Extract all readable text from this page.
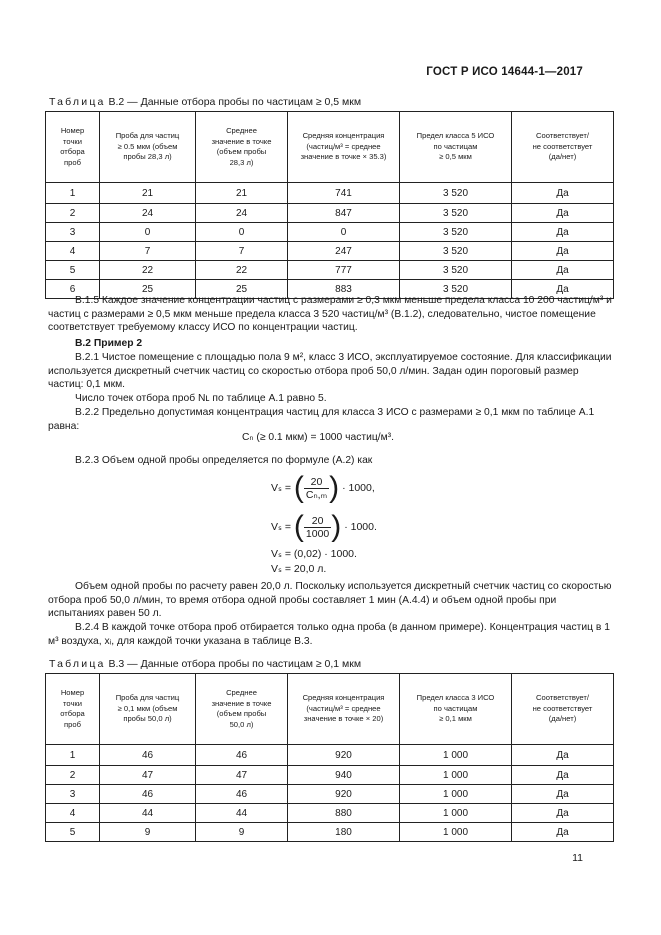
ГОСТ Р ИСО 14644-1—2017
Таблица В.2 — Данные отбора пробы по частицам ≥ 0,5 мкм
Номер
точки
отбора
проб	Проба для частиц
≥ 0.5 мкм (объем
пробы 28,3 л)	Среднее
значение в точке
(объем пробы
28,3 л)	Средняя концентрация
(частиц/м³ = среднее
значение в точке × 35.3)	Предел класса 5 ИСО
по частицам
≥ 0,5 мкм	Соответствует/
не соответствует
(да/нет)
1	21	21	741	3 520	Да
2	24	24	847	3 520	Да
3	0	0	0	3 520	Да
4	7	7	247	3 520	Да
5	22	22	777	3 520	Да
6	25	25	883	3 520	Да
В.1.5 Каждое значение концентрации частиц с размерами ≥ 0,3 мкм меньше предела класса 10 200 частиц/м³ и частиц с размерами ≥ 0,5 мкм меньше предела класса 3 520 частиц/м³ (В.1.2), следовательно, чистое помещение соответствует требуемому классу ИСО по концентрации частиц.
В.2 Пример 2
В.2.1 Чистое помещение с площадью пола 9 м², класс 3 ИСО, эксплуатируемое состояние. Для классификации используется дискретный счетчик частиц со скоростью отбора проб 50,0 л/мин. Задан один пороговый размер частиц: 0,1 мкм.
Число точек отбора проб Nʟ по таблице А.1 равно 5.
В.2.2 Предельно допустимая концентрация частиц для класса 3 ИСО с размерами ≥ 0,1 мкм по таблице А.1 равна:
Cₙ (≥ 0.1 мкм) = 1000 частиц/м³.
В.2.3 Объем одной пробы определяется по формуле (А.2) как
Vₛ = ( $\frac{20}{\text{Cₙ,ₘ}}$ ) · 1000,
Vₛ = ( $\frac{20}{1000}$ ) · 1000.
Vₛ = (0,02) · 1000.
Vₛ = 20,0 л.
Объем одной пробы по расчету равен 20,0 л. Поскольку используется дискретный счетчик частиц со скоростью отбора проб 50,0 л/мин, то время отбора одной пробы составляет 1 мин (А.4.4) и объем одной пробы при испытаниях равен 50 л.
В.2.4 В каждой точке отбора проб отбирается только одна проба (в данном примере). Концентрация частиц в 1 м³ воздуха, xᵢ, для каждой точки указана в таблице В.3.
Таблица В.3 — Данные отбора пробы по частицам ≥ 0,1 мкм
Номер
точки
отбора
проб	Проба для частиц
≥ 0,1 мкм (объем
пробы 50,0 л)	Среднее
значение в точке
(объем пробы
50,0 л)	Средняя концентрация
(частиц/м³ = среднее
значение в точке × 20)	Предел класса 3 ИСО
по частицам
≥ 0,1 мкм	Соответствует/
не соответствует
(да/нет)
1	46	46	920	1 000	Да
2	47	47	940	1 000	Да
3	46	46	920	1 000	Да
4	44	44	880	1 000	Да
5	9	9	180	1 000	Да
11
